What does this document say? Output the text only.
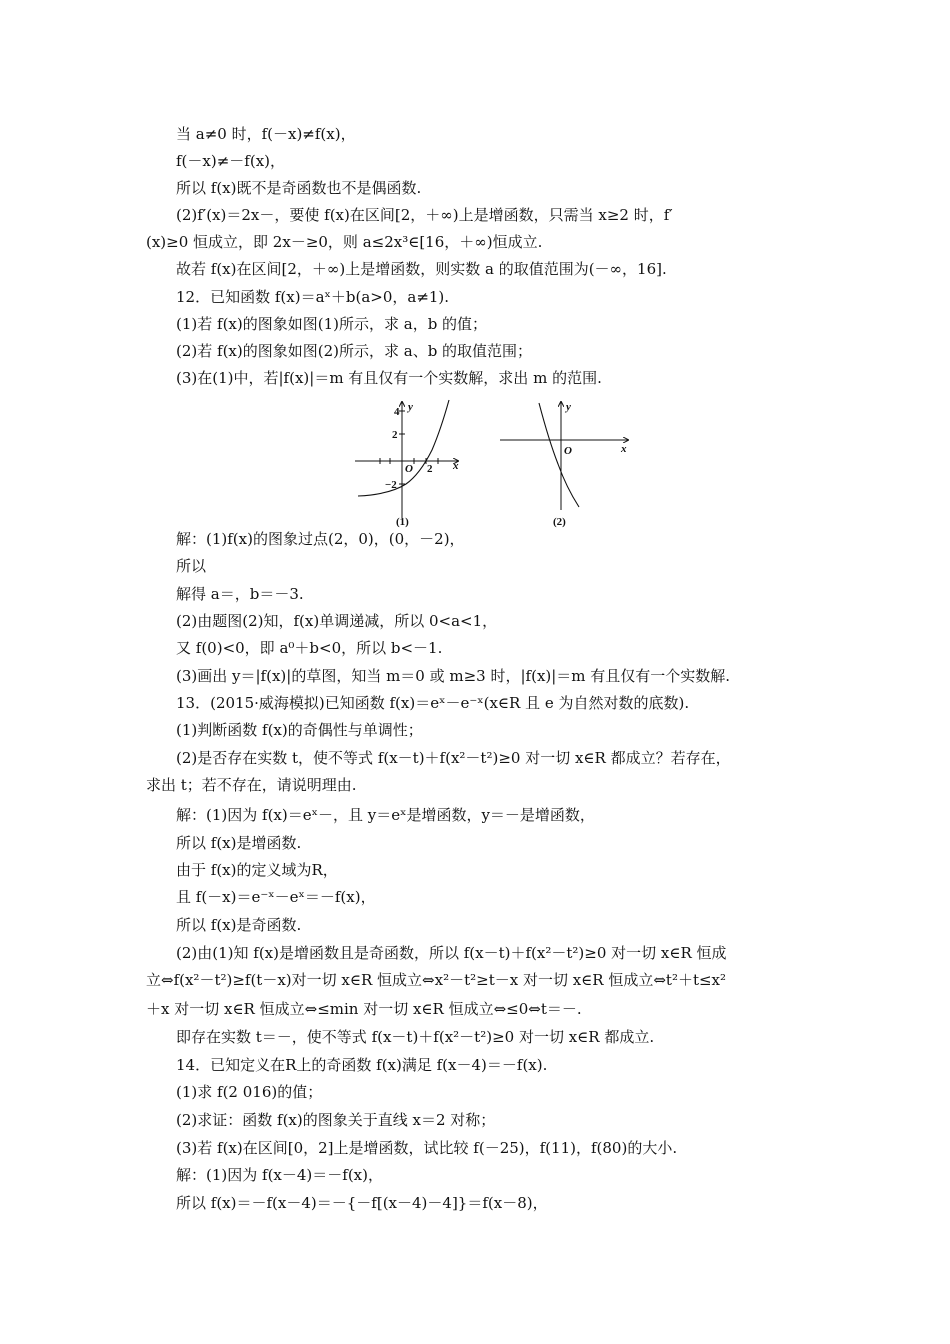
当 a≠0 时，f(－x)≠f(x)，
f(－x)≠－f(x)，
所以 f(x)既不是奇函数也不是偶函数.
(2)f′(x)＝2x－，要使 f(x)在区间[2，＋∞)上是增函数，只需当 x≥2 时，f′
(x)≥0 恒成立，即 2x－≥0，则 a≤2x³∈[16，＋∞)恒成立.
故若 f(x)在区间[2，＋∞)上是增函数，则实数 a 的取值范围为(－∞，16].
12．已知函数 f(x)＝aˣ＋b(a>0，a≠1).
(1)若 f(x)的图象如图(1)所示，求 a，b 的值；
(2)若 f(x)的图象如图(2)所示，求 a、b 的取值范围；
(3)在(1)中，若|f(x)|＝m 有且仅有一个实数解，求出 m 的范围.
4 y
2
−2
O 2 x
(1)
y
O	x
(2)
解：(1)f(x)的图象过点(2，0)，(0，－2)，
所以
解得 a＝，b＝－3.
(2)由题图(2)知，f(x)单调递减，所以 0<a<1，
又 f(0)<0，即 a⁰＋b<0，所以 b<－1.
(3)画出 y＝|f(x)|的草图，知当 m＝0 或 m≥3 时，|f(x)|＝m 有且仅有一个实数解.
13．(2015·威海模拟)已知函数 f(x)＝eˣ－e⁻ˣ(x∈R 且 e 为自然对数的底数).
(1)判断函数 f(x)的奇偶性与单调性；
(2)是否存在实数 t，使不等式 f(x－t)＋f(x²－t²)≥0 对一切 x∈R 都成立？若存在，
求出 t；若不存在，请说明理由.
解：(1)因为 f(x)＝eˣ－，且 y＝eˣ是增函数，y＝－是增函数，
所以 f(x)是增函数.
由于 f(x)的定义域为R，
且 f(－x)＝e⁻ˣ－eˣ＝－f(x)，
所以 f(x)是奇函数.
(2)由(1)知 f(x)是增函数且是奇函数，所以 f(x－t)＋f(x²－t²)≥0 对一切 x∈R 恒成
立⇔f(x²－t²)≥f(t－x)对一切 x∈R 恒成立⇔x²－t²≥t－x 对一切 x∈R 恒成立⇔t²＋t≤x²
＋x 对一切 x∈R 恒成立⇔≤min 对一切 x∈R 恒成立⇔≤0⇔t＝－.
即存在实数 t＝－，使不等式 f(x－t)＋f(x²－t²)≥0 对一切 x∈R 都成立.
14．已知定义在R上的奇函数 f(x)满足 f(x－4)＝－f(x).
(1)求 f(2 016)的值；
(2)求证：函数 f(x)的图象关于直线 x＝2 对称；
(3)若 f(x)在区间[0，2]上是增函数，试比较 f(－25)，f(11)，f(80)的大小.
解：(1)因为 f(x－4)＝－f(x)，
所以 f(x)＝－f(x－4)＝－{－f[(x－4)－4]}＝f(x－8)，
